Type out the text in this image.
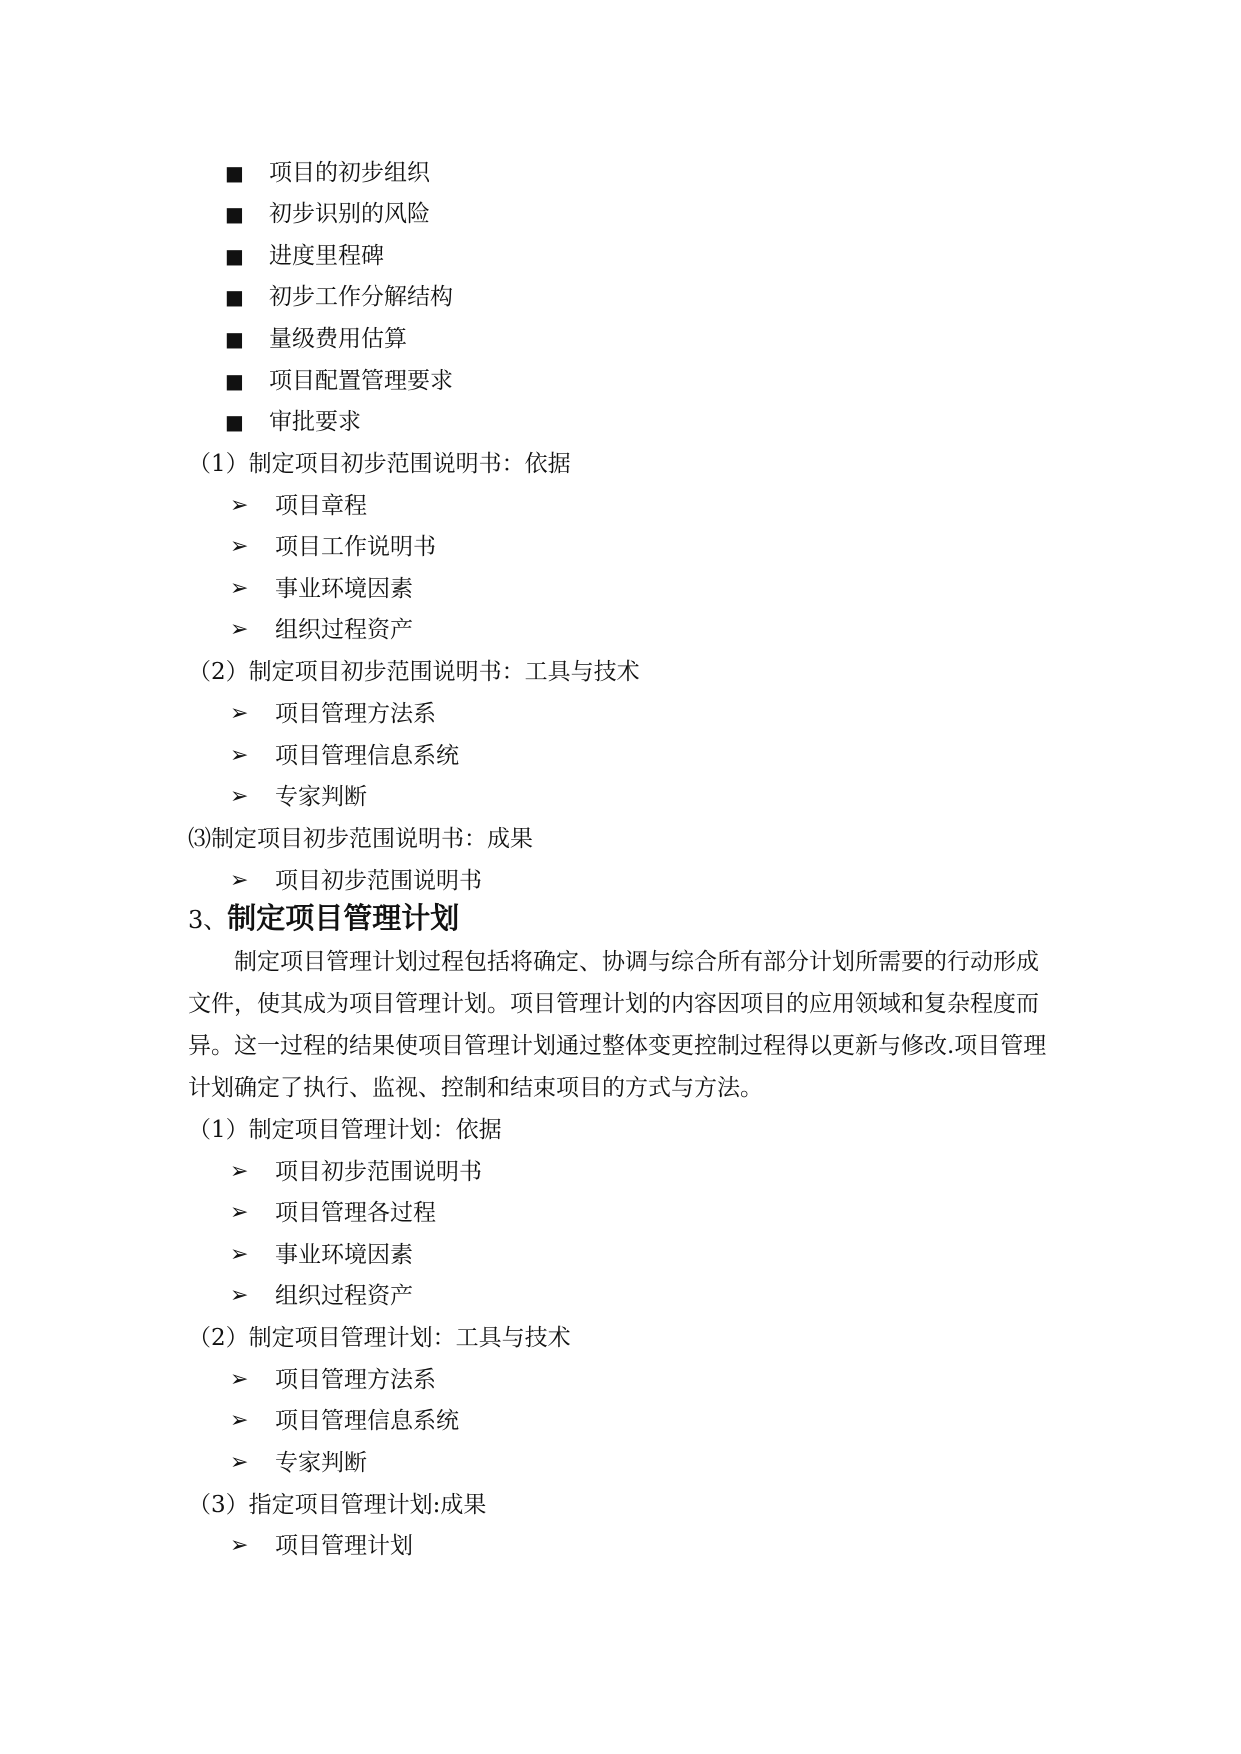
■ 项目的初步组织
■ 初步识别的风险
■ 进度里程碑
■ 初步工作分解结构
■ 量级费用估算
■ 项目配置管理要求
■ 审批要求
（1）制定项目初步范围说明书：依据
➢ 项目章程
➢ 项目工作说明书
➢ 事业环境因素
➢ 组织过程资产
（2）制定项目初步范围说明书：工具与技术
➢ 项目管理方法系
➢ 项目管理信息系统
➢ 专家判断
⑶制定项目初步范围说明书：成果
➢ 项目初步范围说明书
3、制定项目管理计划
制定项目管理计划过程包括将确定、协调与综合所有部分计划所需要的行动形成文件，使其成为项目管理计划。项目管理计划的内容因项目的应用领域和复杂程度而异。这一过程的结果使项目管理计划通过整体变更控制过程得以更新与修改.项目管理计划确定了执行、监视、控制和结束项目的方式与方法。
（1）制定项目管理计划：依据
➢ 项目初步范围说明书
➢ 项目管理各过程
➢ 事业环境因素
➢ 组织过程资产
（2）制定项目管理计划：工具与技术
➢ 项目管理方法系
➢ 项目管理信息系统
➢ 专家判断
（3）指定项目管理计划:成果
➢ 项目管理计划
